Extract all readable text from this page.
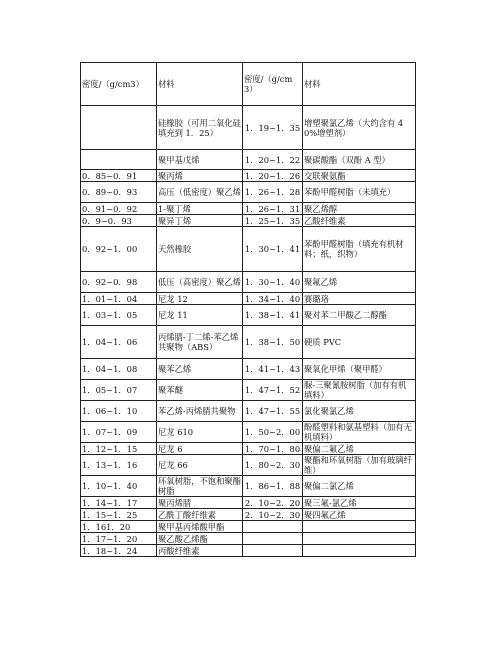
密度/（g/cm3）	材料	密度/（g/cm3）	材料
	硅橡胶（可用二氧化硅填充到 1．25）	1．19~1．35	增塑聚氯乙烯（大约含有 40%增塑剂）
	聚甲基戊烯	1．20~1．22	聚碳酸酯（双酚 A 型）
0．85~0．91	聚丙烯	1．20~1．26	交联聚氨酯
0．89~0．93	高压（低密度）聚乙烯	1．26~1．28	苯酚甲醛树脂（未填充）
0．91~0．92	1-聚丁烯	1．26~1．31	聚乙烯醇
0．9~0．93	聚异丁烯	1．25~1．35	乙酸纤维素
0．92~1．00	天然橡胶	1．30~1．41	苯酚甲醛树脂（填充有机材料；纸，织物）
0．92~0．98	低压（高密度）聚乙烯	1．30~1．40	聚氟乙烯
1．01~1．04	尼龙 12	1．34~1．40	赛璐珞
1．03~1．05	尼龙 11	1．38~1．41	聚对苯二甲酸乙二醇酯
1．04~1．06	丙烯腈-丁二烯-苯乙烯共聚物（ABS）	1．38~1．50	硬质 PVC
1．04~1．08	聚苯乙烯	1．41~1．43	聚氧化甲烯（聚甲醛）
1．05~1．07	聚苯醚	1．47~1．52	脲-三聚氰胺树脂（加有有机填料）
1．06~1．10	苯乙烯-丙烯腈共聚物	1．47~1．55	氯化聚氯乙烯
1．07~1．09	尼龙 610	1．50~2．00	酚醛塑料和氨基塑料（加有无机填料）
1．12~1．15	尼龙 6	1．70~1．80	聚偏二氟乙烯
1．13~1．16	尼龙 66	1．80~2．30	聚酯和环氧树脂（加有玻璃纤维）
1．10~1．40	环氧树脂，不饱和聚酯树脂	1．86~1．88	聚偏二氯乙烯
1．14~1．17	聚丙烯腈	2．10~2．20	聚三氟-氯乙烯
1．15~1．25	乙酰丁酸纤维素	2．10~2．30	聚四氟乙烯
1．161．20	聚甲基丙烯酸甲酯		
1．17~1．20	聚乙酸乙烯酯		
1．18~1．24	丙酸纤维素		
